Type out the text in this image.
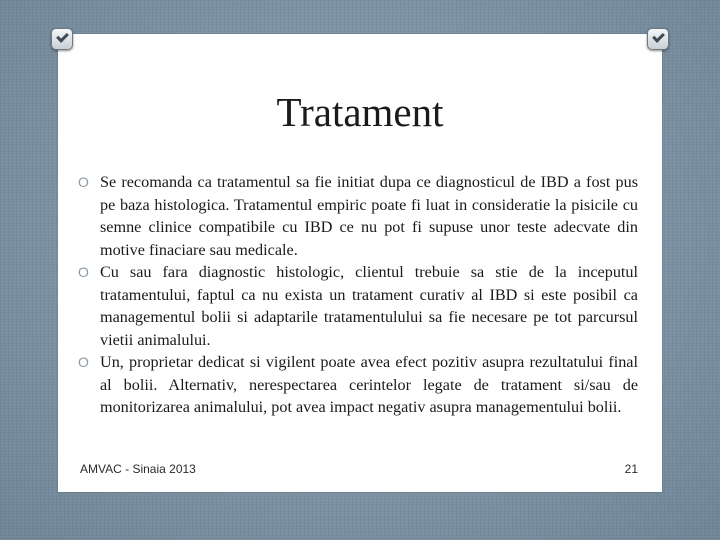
Tratament
O Se recomanda ca tratamentul sa fie initiat dupa ce diagnosticul de IBD a fost pus pe baza histologica. Tratamentul empiric poate fi luat in consideratie la pisicile cu semne clinice compatibile cu IBD ce nu pot fi supuse unor teste adecvate din motive finaciare sau medicale.
O Cu sau fara diagnostic histologic, clientul trebuie sa stie de la inceputul tratamentului, faptul ca nu exista un tratament curativ al IBD si este posibil ca managementul bolii si adaptarile tratamentulului sa fie necesare pe tot parcursul vietii animalului.
O Un, proprietar dedicat si vigilent poate avea efect pozitiv asupra rezultatului final al bolii. Alternativ, nerespectarea cerintelor legate de tratament si/sau de monitorizarea animalului, pot avea impact negativ asupra managementului bolii.
AMVAC - Sinaia 2013	21
